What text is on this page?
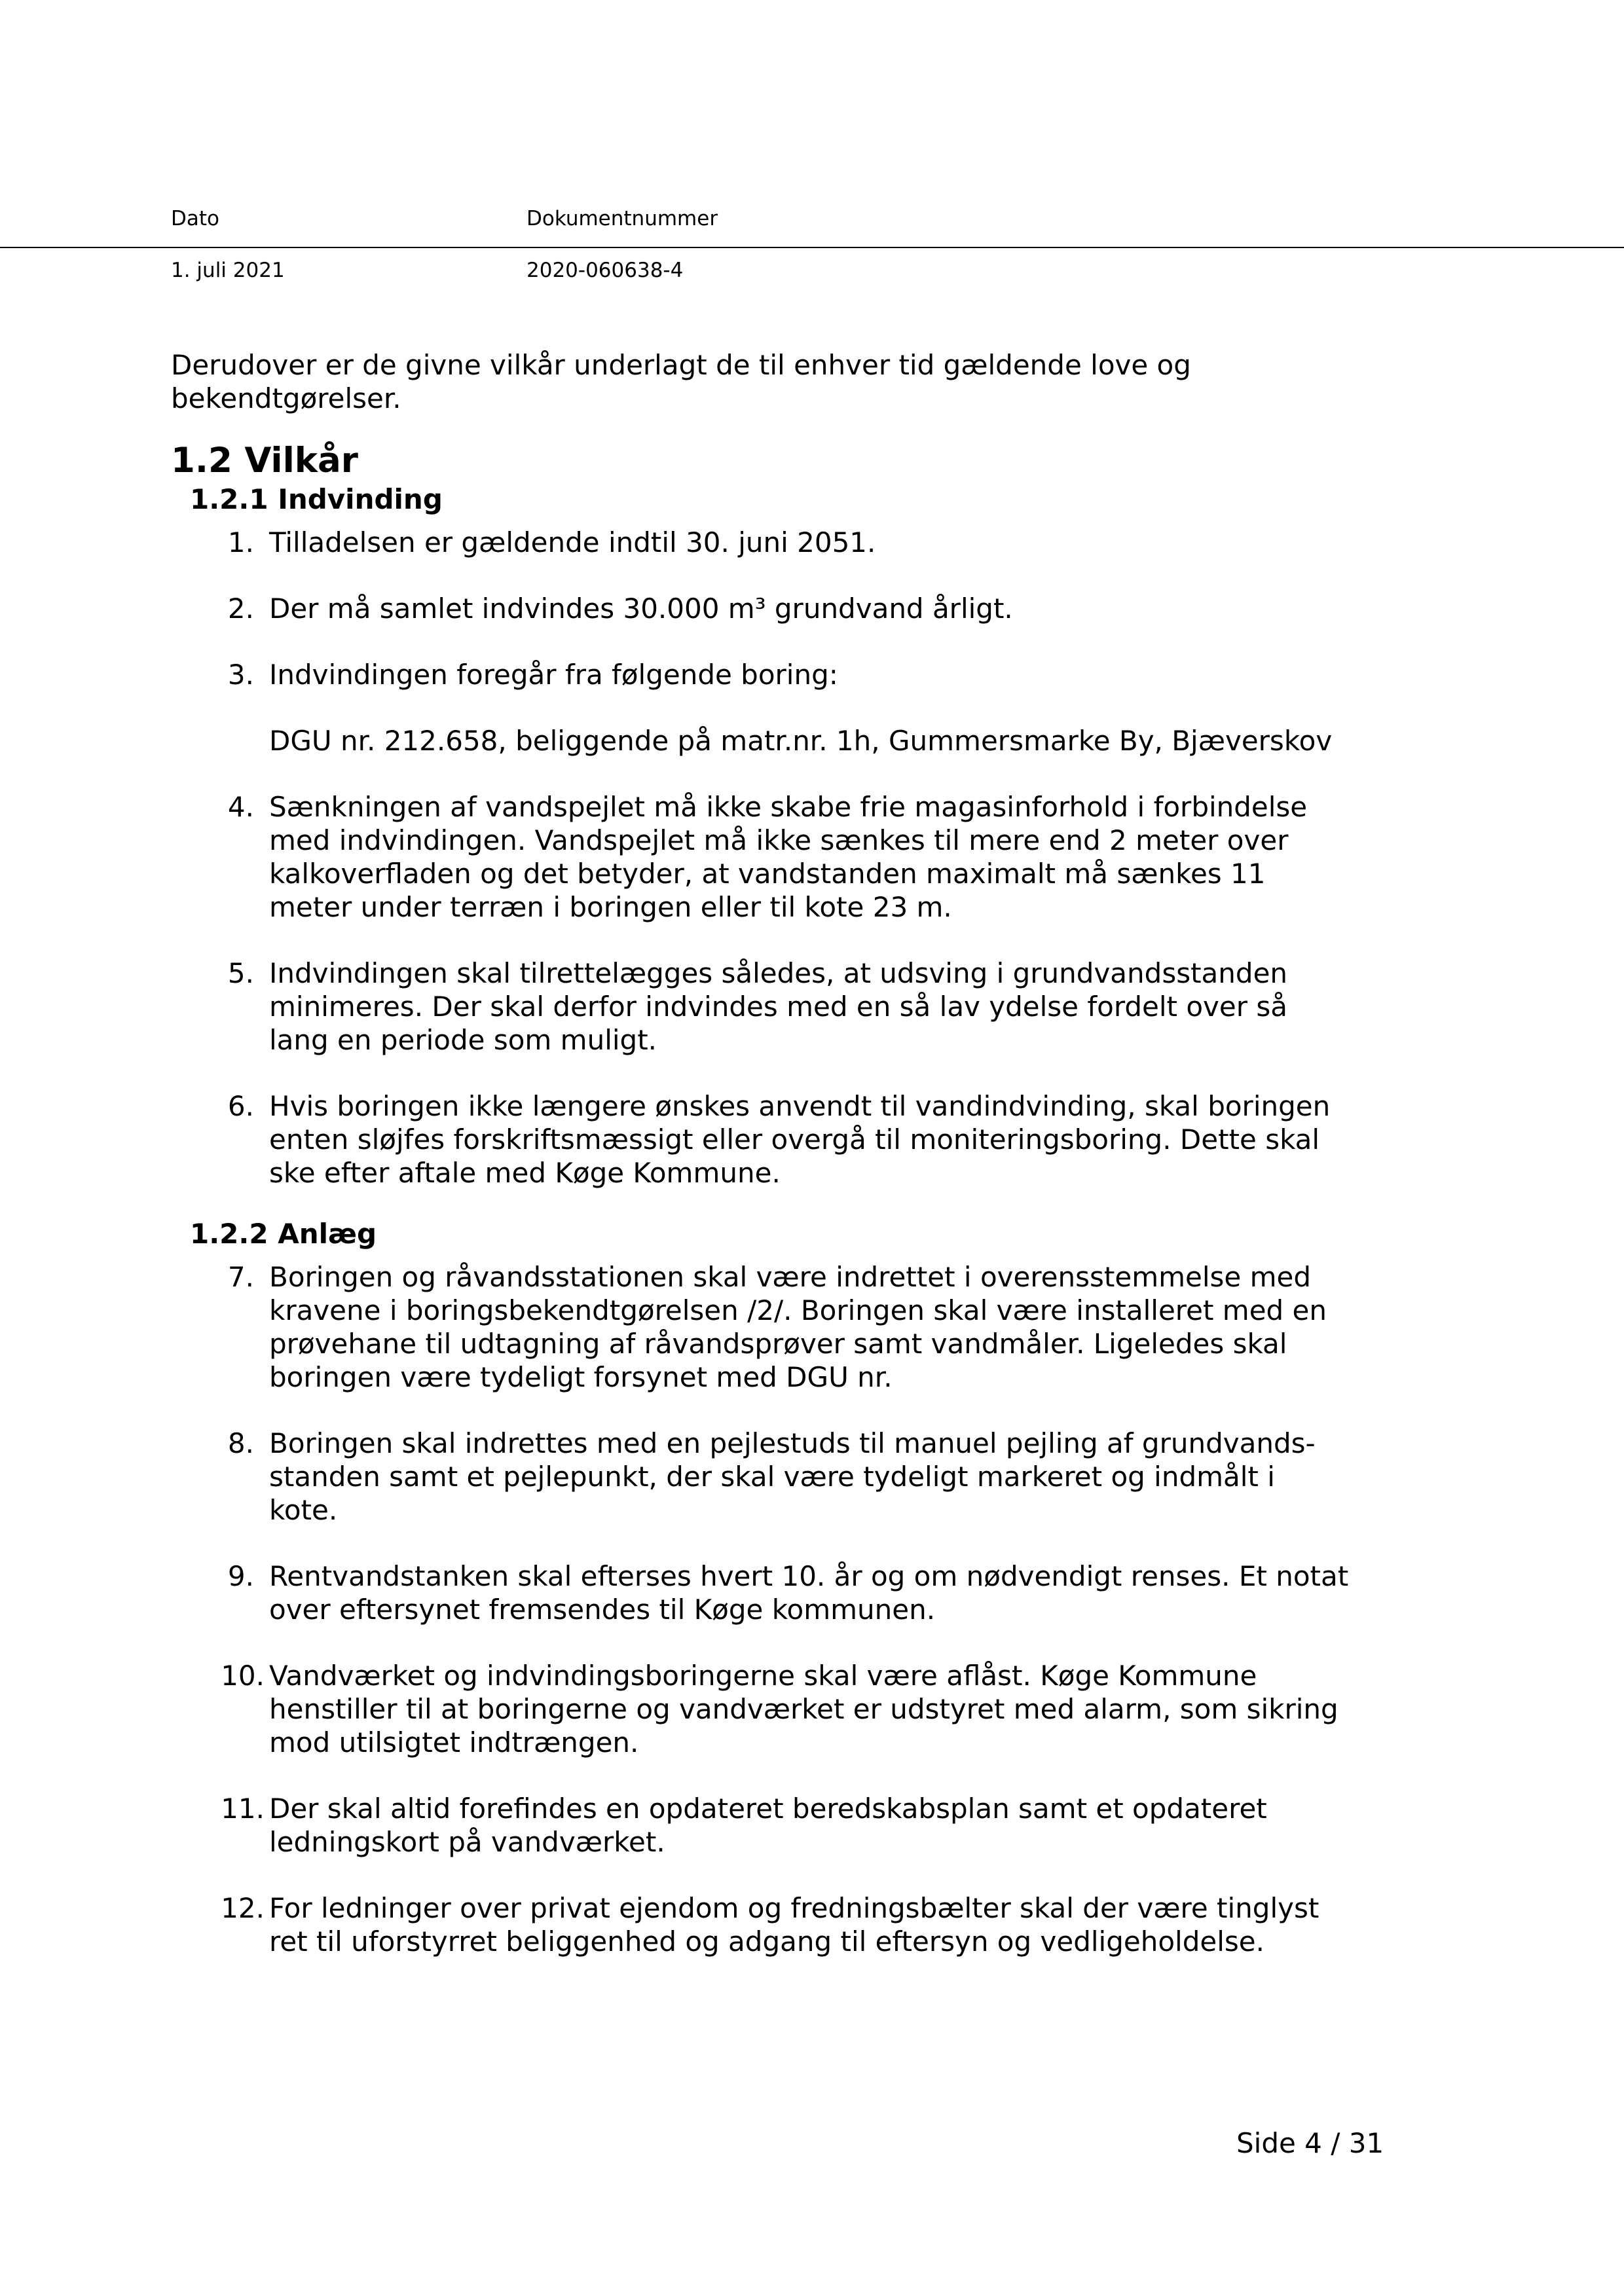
Dato	Dokumentnummer
1. juli 2021	2020-060638-4

Derudover er de givne vilkår underlagt de til enhver tid gældende love og bekendtgørelser.

1.2 Vilkår
1.2.1 Indvinding
1. Tilladelsen er gældende indtil 30. juni 2051.

2. Der må samlet indvindes 30.000 m³ grundvand årligt.

3. Indvindingen foregår fra følgende boring:

DGU nr. 212.658, beliggende på matr.nr. 1h, Gummersmarke By, Bjæverskov

4. Sænkningen af vandspejlet må ikke skabe frie magasinforhold i forbindelse med indvindingen. Vandspejlet må ikke sænkes til mere end 2 meter over kalkoverfladen og det betyder, at vandstanden maximalt må sænkes 11 meter under terræn i boringen eller til kote 23 m.

5. Indvindingen skal tilrettelægges således, at udsving i grundvandsstanden minimeres. Der skal derfor indvindes med en så lav ydelse fordelt over så lang en periode som muligt.

6. Hvis boringen ikke længere ønskes anvendt til vandindvinding, skal boringen enten sløjfes forskriftsmæssigt eller overgå til moniteringsboring. Dette skal ske efter aftale med Køge Kommune.

1.2.2 Anlæg
7. Boringen og råvandsstationen skal være indrettet i overensstemmelse med kravene i boringsbekendtgørelsen /2/. Boringen skal være installeret med en prøvehane til udtagning af råvandsprøver samt vandmåler. Ligeledes skal boringen være tydeligt forsynet med DGU nr.

8. Boringen skal indrettes med en pejlestuds til manuel pejling af grundvands-standen samt et pejlepunkt, der skal være tydeligt markeret og indmålt i kote.

9. Rentvandstanken skal efterses hvert 10. år og om nødvendigt renses. Et notat over eftersynet fremsendes til Køge kommunen.

10. Vandværket og indvindingsboringerne skal være aflåst. Køge Kommune henstiller til at boringerne og vandværket er udstyret med alarm, som sikring mod utilsigtet indtrængen.

11. Der skal altid forefindes en opdateret beredskabsplan samt et opdateret ledningskort på vandværket.

12. For ledninger over privat ejendom og fredningsbælter skal der være tinglyst ret til uforstyrret beliggenhed og adgang til eftersyn og vedligeholdelse.

Side 4 / 31
